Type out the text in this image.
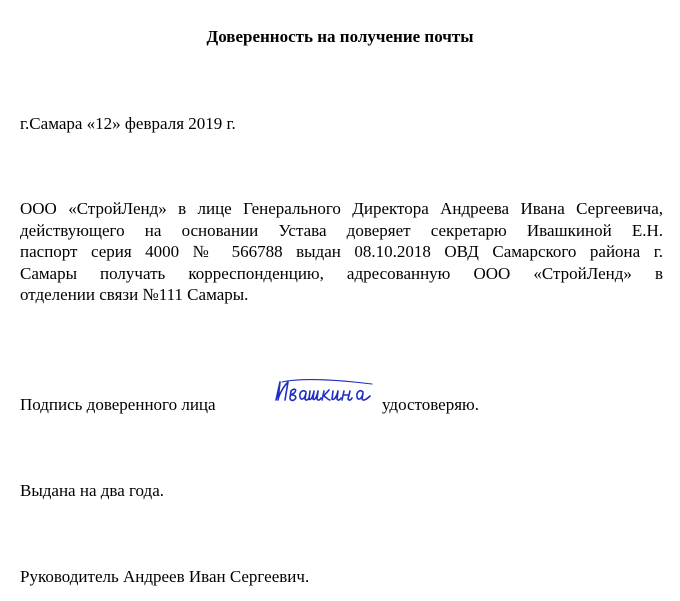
Доверенность на получение почты
г.Самара «12» февраля 2019 г.
ООО «СтройЛенд» в лице Генерального Директора Андреева Ивана Сергеевича,
действующего на основании Устава доверяет секретарю Ивашкиной Е.Н.
паспорт серия 4000 № 566788 выдан 08.10.2018 ОВД Самарского района г.
Самары получать корреспонденцию, адресованную ООО «СтройЛенд» в
отделении связи №111 Самары.
Подпись доверенного лица	удостоверяю.
Выдана на два года.
Руководитель Андреев Иван Сергеевич.
